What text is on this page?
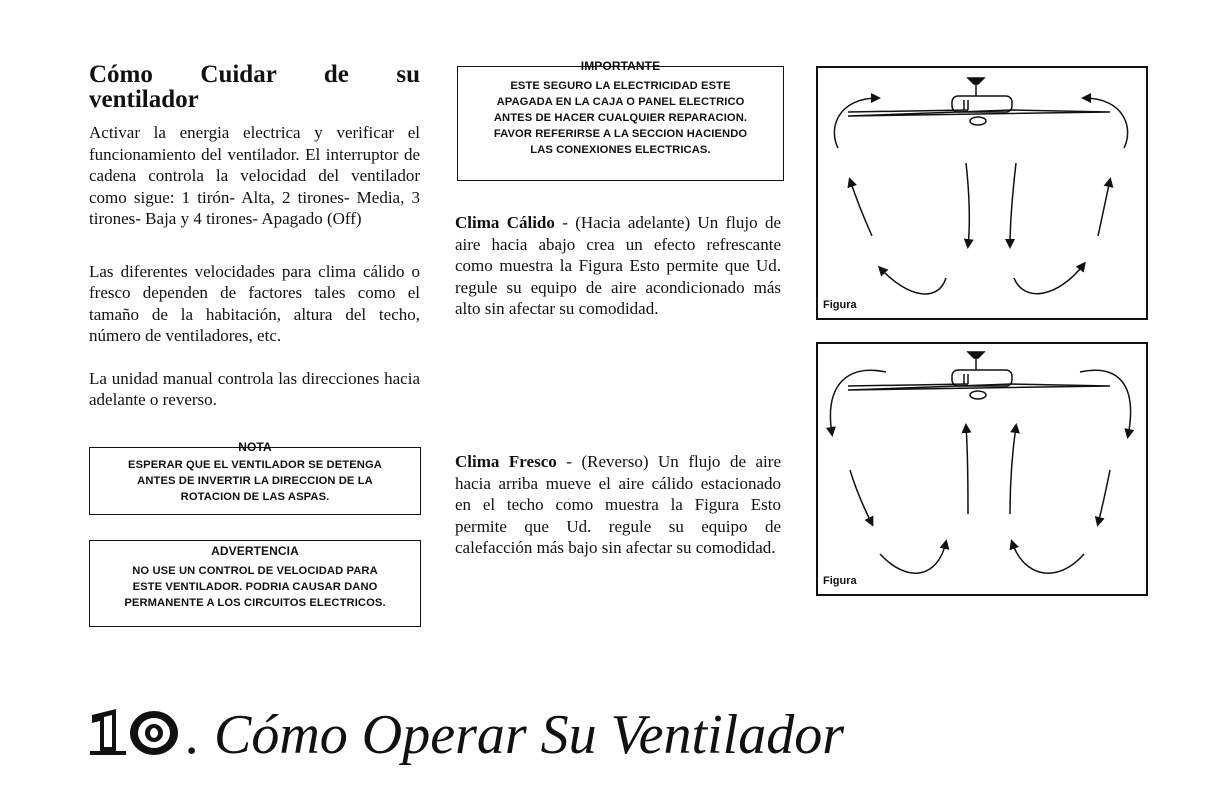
Cómo Cuidar de su
ventilador

Activar la energia electrica y verificar el funcionamiento del ventilador. El interruptor de cadena controla la velocidad del ventilador como sigue: 1 tirón- Alta, 2 tirones- Media, 3 tirones- Baja y 4 tirones- Apagado (Off)

Las diferentes velocidades para clima cálido o fresco dependen de factores tales como el tamaño de la habitación, altura del techo, número de ventiladores, etc.

La unidad manual controla las direcciones hacia adelante o reverso.

NOTA
ESPERAR QUE EL VENTILADOR SE DETENGA
ANTES DE INVERTIR LA DIRECCION DE LA
ROTACION DE LAS ASPAS.
ADVERTENCIA
NO USE UN CONTROL DE VELOCIDAD PARA
ESTE VENTILADOR. PODRIA CAUSAR DANO
PERMANENTE A LOS CIRCUITOS ELECTRICOS.
IMPORTANTE
ESTE SEGURO LA ELECTRICIDAD ESTE
APAGADA EN LA CAJA O PANEL ELECTRICO
ANTES DE HACER CUALQUIER REPARACION.
FAVOR REFERIRSE A LA SECCION HACIENDO
LAS CONEXIONES ELECTRICAS.

Clima Cálido - (Hacia adelante) Un flujo de aire hacia abajo crea un efecto refrescante como muestra la Figura Esto permite que Ud. regule su equipo de aire acondicionado más alto sin afectar su comodidad.

Clima Fresco - (Reverso) Un flujo de aire hacia arriba mueve el aire cálido estacionado en el techo como muestra la Figura Esto permite que Ud. regule su equipo de calefacción más bajo sin afectar su comodidad.

Figura
Figura
. Cómo Operar Su Ventilador
